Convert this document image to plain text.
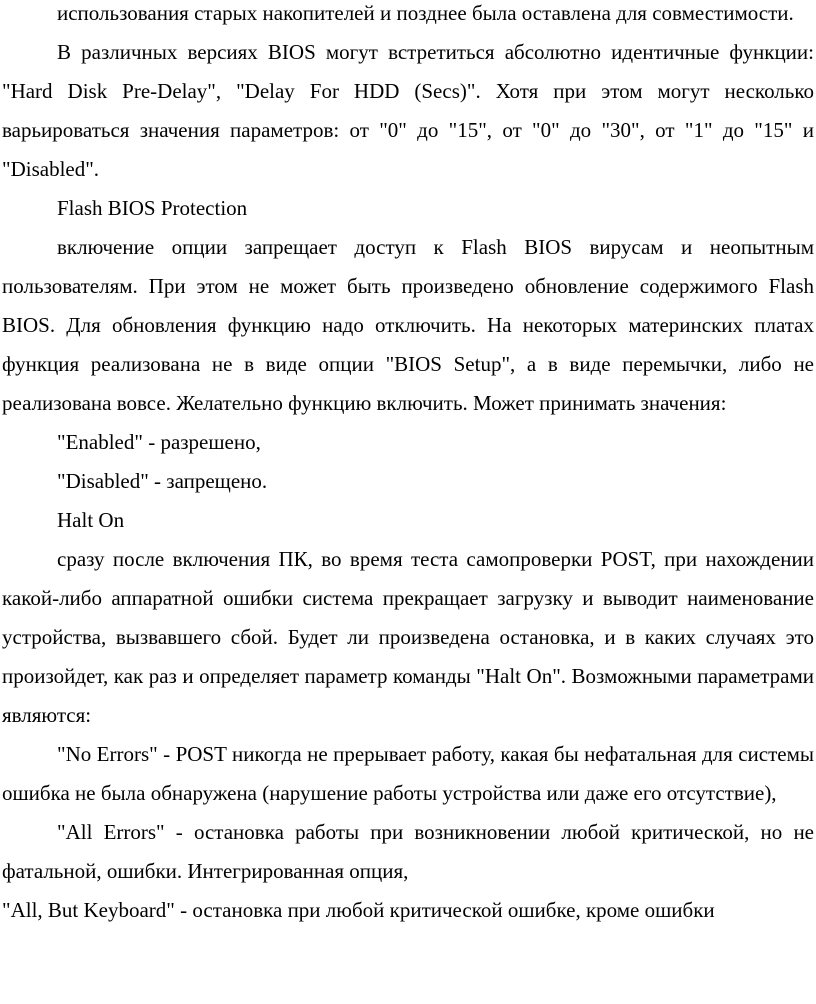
использования старых накопителей и позднее была оставлена для совместимости.

В различных версиях BIOS могут встретиться абсолютно идентичные функции: "Hard Disk Pre-Delay", "Delay For HDD (Secs)". Хотя при этом могут несколько варьироваться значения параметров: от "0" до "15", от "0" до "30", от "1" до "15" и "Disabled".

Flash BIOS Protection

включение опции запрещает доступ к Flash BIOS вирусам и неопытным пользователям. При этом не может быть произведено обновление содержимого Flash BIOS. Для обновления функцию надо отключить. На некоторых материнских платах функция реализована не в виде опции "BIOS Setup", а в виде перемычки, либо не реализована вовсе. Желательно функцию включить. Может принимать значения:

"Enabled" - разрешено,

"Disabled" - запрещено.

Halt On

сразу после включения ПК, во время теста самопроверки POST, при нахождении какой-либо аппаратной ошибки система прекращает загрузку и выводит наименование устройства, вызвавшего сбой. Будет ли произведена остановка, и в каких случаях это произойдет, как раз и определяет параметр команды "Halt On". Возможными параметрами являются:

"No Errors" - POST никогда не прерывает работу, какая бы нефатальная для системы ошибка не была обнаружена (нарушение работы устройства или даже его отсутствие),

"All Errors" - остановка работы при возникновении любой критической, но не фатальной, ошибки. Интегрированная опция,

"All, But Keyboard" - остановка при любой критической ошибке, кроме ошибки
